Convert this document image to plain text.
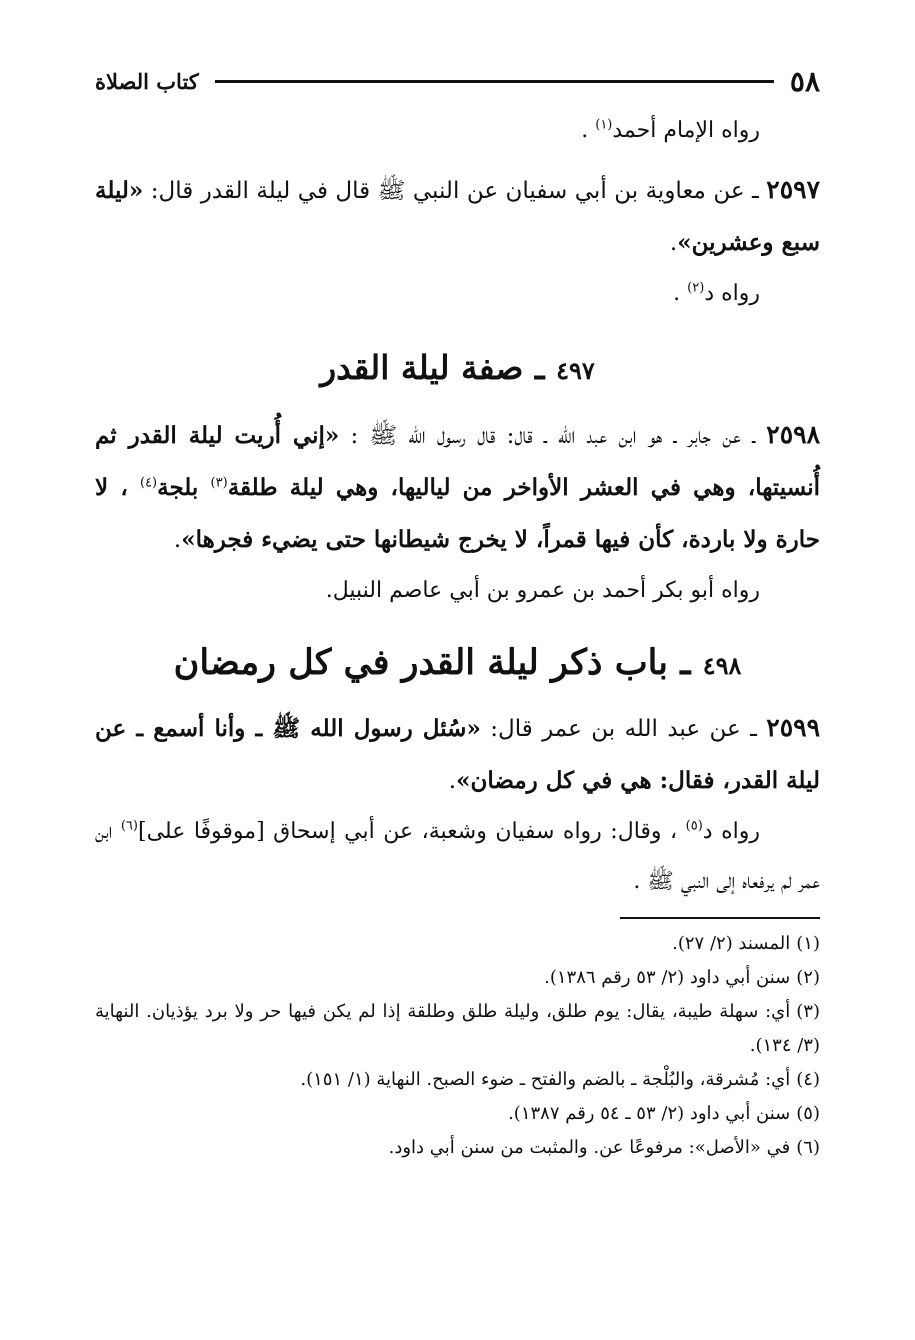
٥٨
كتاب الصلاة

رواه الإمام أحمد$^{(١)}$ .

٢٥٩٧ ـ عن معاوية بن أبي سفيان عن النبي ﷺ قال في ليلة القدر قال: «ليلة سبع وعشرين».

رواه د$^{(٢)}$ .

٤٩٧ ـ صفة ليلة القدر

٢٥٩٨ ـ عن جابر ـ هو ابن عبد الله ـ قال: قال رسول الله ﷺ : «إني أُريت ليلة القدر ثم أُنسيتها، وهي في العشر الأواخر من لياليها، وهي ليلة طلقة$^{(٣)}$ بلجة$^{(٤)}$ ، لا حارة ولا باردة، كأن فيها قمراً، لا يخرج شيطانها حتى يضيء فجرها».

رواه أبو بكر أحمد بن عمرو بن أبي عاصم النبيل.

٤٩٨ ـ باب ذكر ليلة القدر في كل رمضان

٢٥٩٩ ـ عن عبد الله بن عمر قال: «سُئل رسول الله ﷺ ـ وأنا أسمع ـ عن ليلة القدر، فقال: هي في كل رمضان».

رواه د$^{(٥)}$ ، وقال: رواه سفيان وشعبة، عن أبي إسحاق [موقوفًا على]$^{(٦)}$ ابن عمر لم يرفعاه إلى النبي ﷺ .

(١)المسند (٢/ ٢٧).

(٢)سنن أبي داود (٢/ ٥٣ رقم ١٣٨٦).

(٣)أي: سهلة طيبة، يقال: يوم طلق، وليلة طلق وطلقة إذا لم يكن فيها حر ولا برد يؤذيان. النهاية (٣/ ١٣٤).

(٤)أي: مُشرقة، والبُلْجة ـ بالضم والفتح ـ ضوء الصبح. النهاية (١/ ١٥١).

(٥)سنن أبي داود (٢/ ٥٣ ـ ٥٤ رقم ١٣٨٧).

(٦)في «الأصل»: مرفوعًا عن. والمثبت من سنن أبي داود.
